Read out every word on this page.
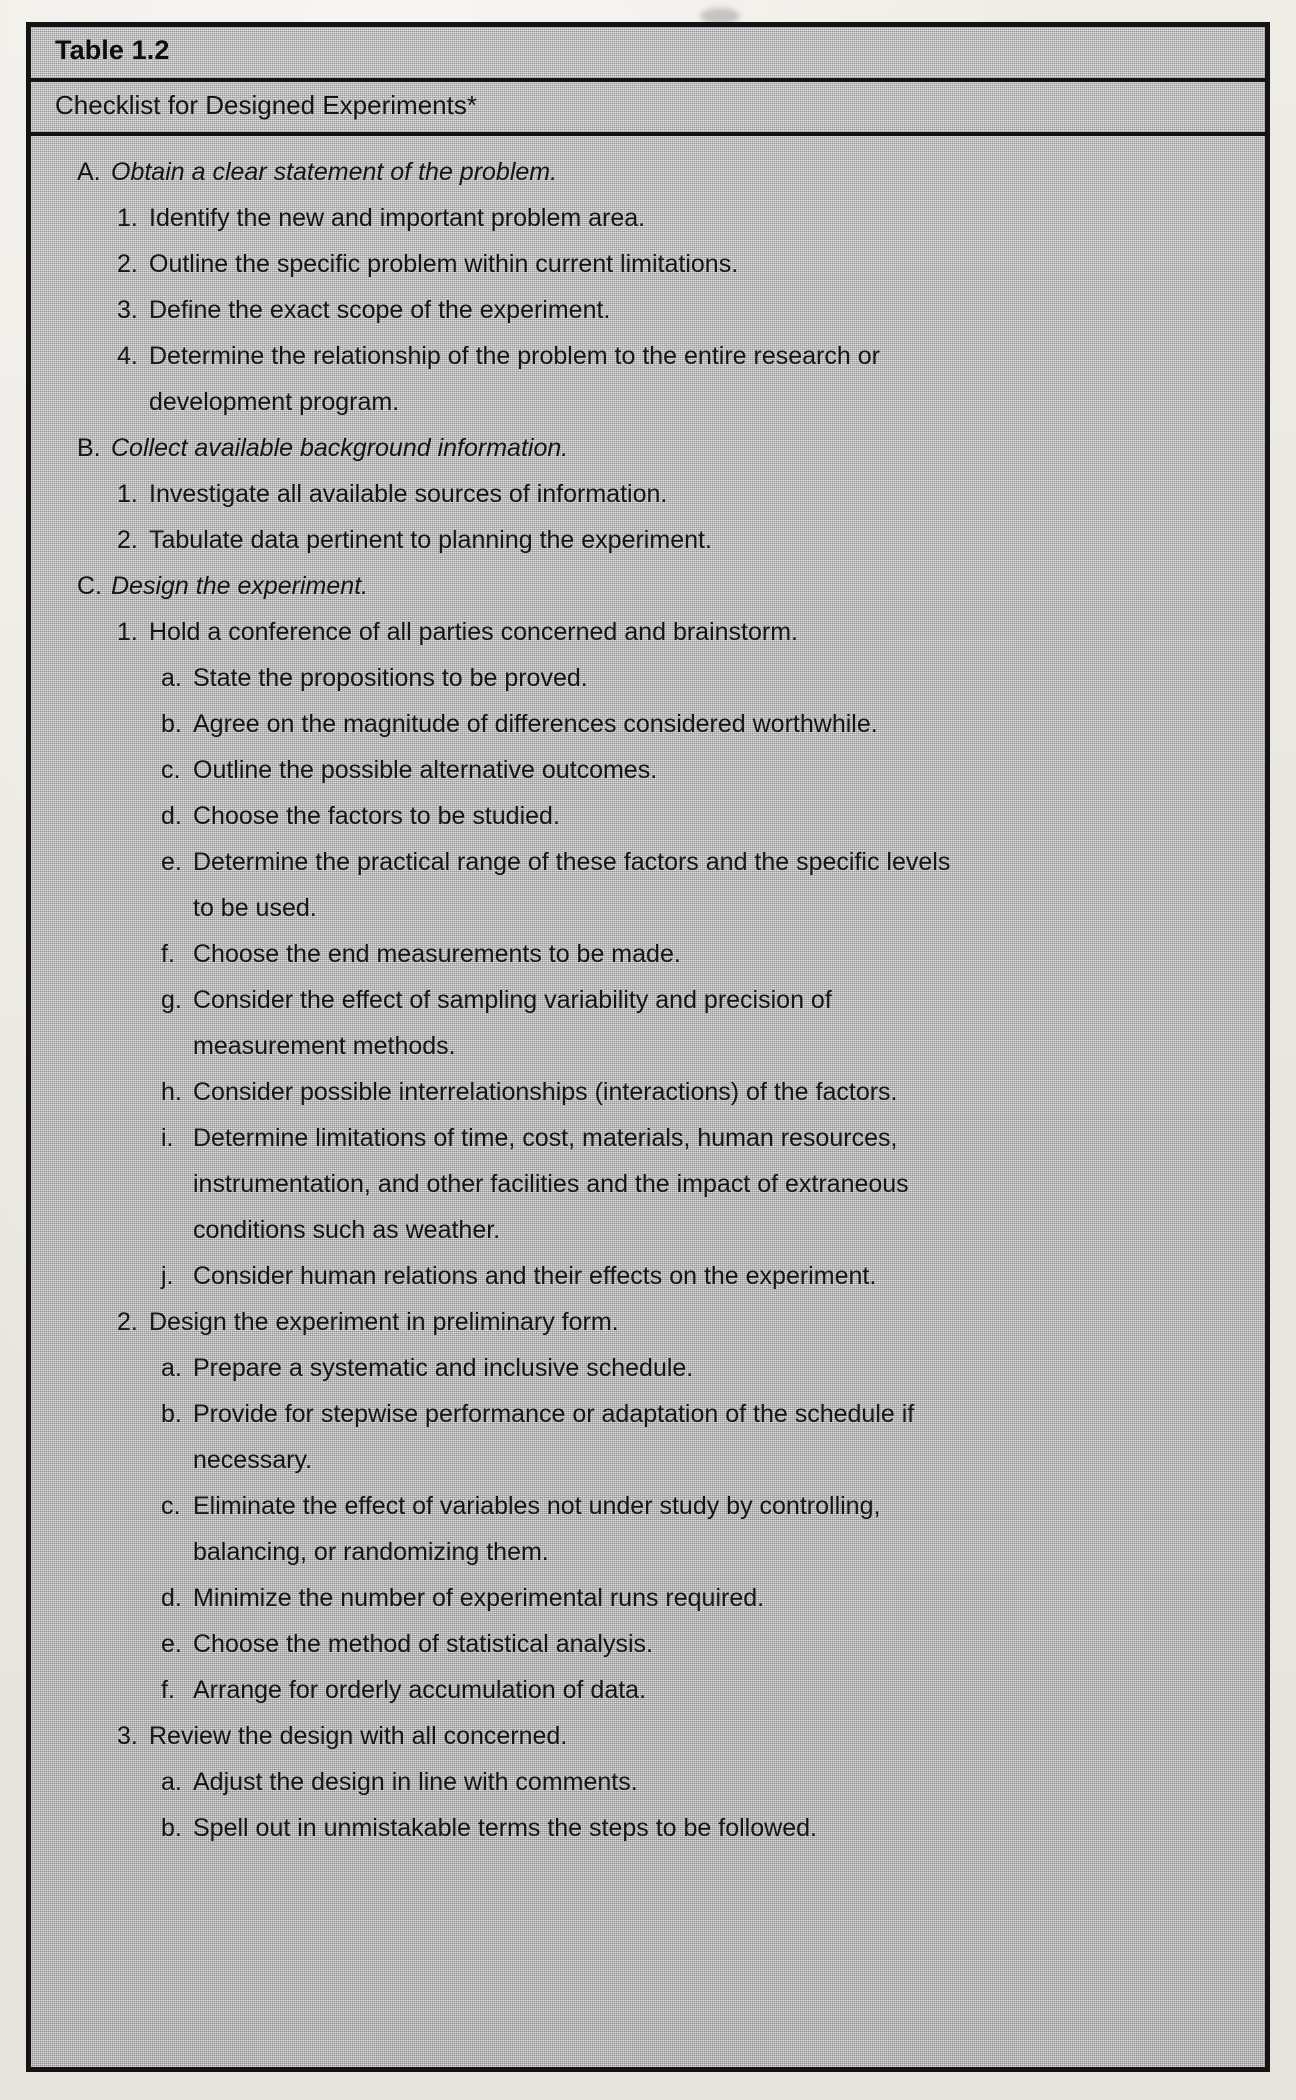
Table 1.2
Checklist for Designed Experiments*
A. Obtain a clear statement of the problem.
1. Identify the new and important problem area.
2. Outline the specific problem within current limitations.
3. Define the exact scope of the experiment.
4. Determine the relationship of the problem to the entire research or
development program.
B. Collect available background information.
1. Investigate all available sources of information.
2. Tabulate data pertinent to planning the experiment.
C. Design the experiment.
1. Hold a conference of all parties concerned and brainstorm.
a. State the propositions to be proved.
b. Agree on the magnitude of differences considered worthwhile.
c. Outline the possible alternative outcomes.
d. Choose the factors to be studied.
e. Determine the practical range of these factors and the specific levels
to be used.
f. Choose the end measurements to be made.
g. Consider the effect of sampling variability and precision of
measurement methods.
h. Consider possible interrelationships (interactions) of the factors.
i. Determine limitations of time, cost, materials, human resources,
instrumentation, and other facilities and the impact of extraneous
conditions such as weather.
j. Consider human relations and their effects on the experiment.
2. Design the experiment in preliminary form.
a. Prepare a systematic and inclusive schedule.
b. Provide for stepwise performance or adaptation of the schedule if
necessary.
c. Eliminate the effect of variables not under study by controlling,
balancing, or randomizing them.
d. Minimize the number of experimental runs required.
e. Choose the method of statistical analysis.
f. Arrange for orderly accumulation of data.
3. Review the design with all concerned.
a. Adjust the design in line with comments.
b. Spell out in unmistakable terms the steps to be followed.
